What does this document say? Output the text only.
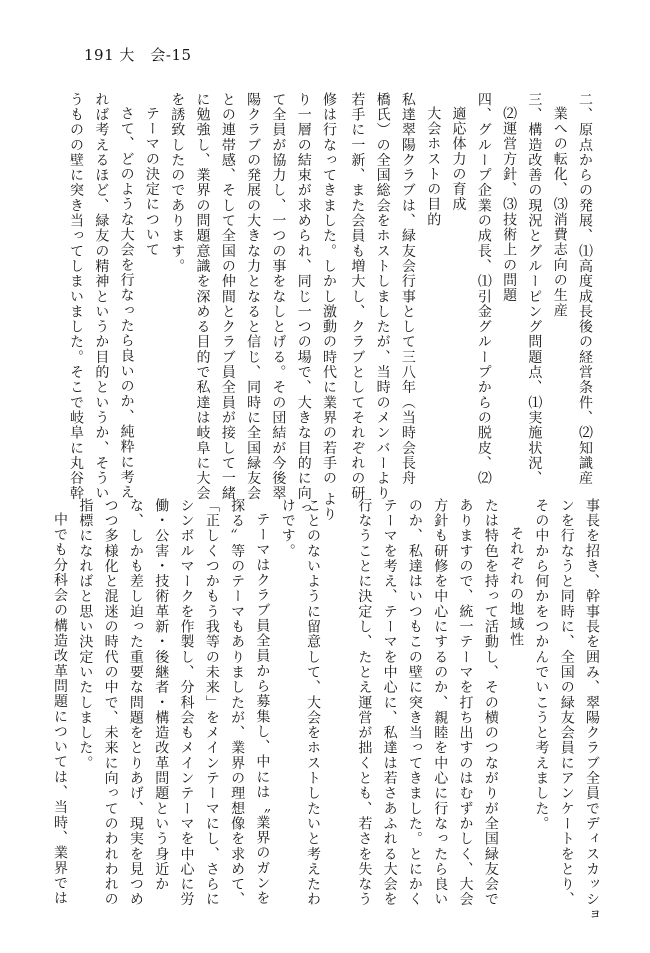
191 大　会-15
二、原点からの発展、⑴高度成長後の経営条件、⑵知識産
業への転化、⑶消費志向の生産
三、構造改善の現況とグルーピング問題点、⑴実施状況、
⑵運営方針、⑶技術上の問題
四、グループ企業の成長、⑴引金グループからの脱皮、⑵
適応体力の育成
大会ホストの目的
私達翠陽クラブは、緑友会行事として三八年（当時会長舟
橋氏）の全国総会をホストしましたが、当時のメンバーより
若手に一新、また会員も増大し、クラブとしてそれぞれの研
修は行なってきました。しかし激動の時代に業界の若手の より
り一層の結束が求められ、同じ一つの場で、大きな目的に向っ
て全員が協力し、一つの事をなしとげる。その団結が今後翠
陽クラブの発展の大きな力となると信じ、同時に全国緑友会
との連帯感、そして全国の仲間とクラブ員全員が接して一緒
に勉強し、業界の問題意識を深める目的で私達は岐阜に大会
を誘致したのであります。
テーマの決定について
さて、どのような大会を行なったら良いのか、純粋に考え
れば考えるほど、緑友の精神というか目的というか、そうい
うものの壁に突き当ってしまいました。そこで岐阜に丸谷幹
事長を招き、幹事長を囲み、翠陽クラブ全員でディスカッショ
ンを行なうと同時に、全国の緑友会員にアンケートをとり、
その中から何かをつかんでいこうと考えました。
それぞれの地域性
たは特色を持って活動し、その横のつながりが全国緑友会で
ありますので、統一テーマを打ち出すのはむずかしく、大会
方針も研修を中心にするのか、親睦を中心に行なったら良い
のか、私達はいつもこの壁に突き当ってきました。とにかく
テーマを考え、テーマを中心に、私達は若さあふれる大会を
行なうことに決定し、たとえ運営が拙くとも、若さを失なう
ことのないように留意して、大会をホストしたいと考えたわ
けです。
テーマはクラブ員全員から募集し、中には〝業界のガンを
探る〟等のテーマもありましたが、業界の理想像を求めて、
「正しくつかもう我等の未来」をメインテーマにし、さらに
シンボルマークを作製し、分科会もメインテーマを中心に労
働・公害・技術革新・後継者・構造改革問題という身近か
な、しかも差し迫った重要な問題をとりあげ、現実を見つめ
つつ多様化と混迷の時代の中で、未来に向ってのわれわれの
指標になればと思い決定いたしました。
中でも分科会の構造改革問題については、当時、業界では
